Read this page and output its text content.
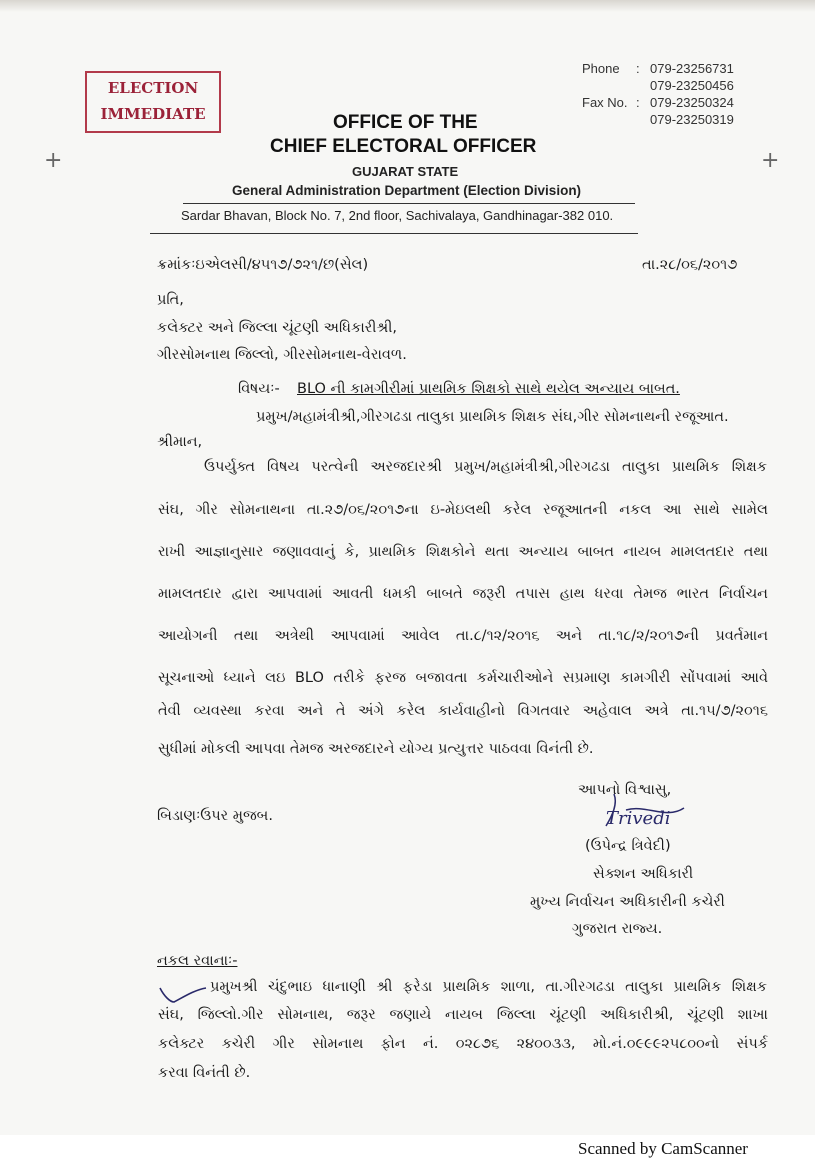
ELECTION
IMMEDIATE
Phone : 079-23256731
079-23250456
Fax No. : 079-23250324
079-23250319
OFFICE OF THE
CHIEF ELECTORAL OFFICER
GUJARAT STATE
General Administration Department (Election Division)
Sardar Bhavan, Block No. 7, 2nd floor, Sachivalaya, Gandhinagar-382 010.
+	+
ક્રમાંકઃઇએલસી/૪૫૧૭/૭૨૧/છ(સેલ)	તા.૨૮/૦૬/૨૦૧૭
પ્રતિ,
કલેક્ટર અને જિલ્લા ચૂંટણી અધિકારીશ્રી,
ગીરસોમનાથ જિલ્લો, ગીરસોમનાથ-વેરાવળ.
વિષયઃ- BLO ની કામગીરીમાં પ્રાથમિક શિક્ષકો સાથે થયેલ અન્યાય બાબત.
પ્રમુખ/મહામંત્રીશ્રી,ગીરગઢડા તાલુકા પ્રાથમિક શિક્ષક સંઘ,ગીર સોમનાથની રજૂઆત.
શ્રીમાન,
ઉપર્યુક્ત વિષય પરત્વેની અરજદારશ્રી પ્રમુખ/મહામંત્રીશ્રી,ગીરગઢડા તાલુકા પ્રાથમિક શિક્ષક
સંઘ, ગીર સોમનાથના તા.૨૭/૦૬/૨૦૧૭ના ઇ-મેઇલથી કરેલ રજૂઆતની નકલ આ સાથે સામેલ
રાખી આજ્ઞાનુસાર જણાવવાનું કે, પ્રાથમિક શિક્ષકોને થતા અન્યાય બાબત નાયબ મામલતદાર તથા
મામલતદાર દ્વારા આપવામાં આવતી ધમકી બાબતે જરૂરી તપાસ હાથ ધરવા તેમજ ભારત નિર્વાચન
આયોગની તથા અત્રેથી આપવામાં આવેલ તા.૮/૧૨/૨૦૧૬ અને તા.૧૮/૨/૨૦૧૭ની પ્રવર્તમાન
સૂચનાઓ ધ્યાને લઇ BLO તરીકે ફરજ બજાવતા કર્મચારીઓને સપ્રમાણ કામગીરી સોંપવામાં આવે
તેવી વ્યવસ્થા કરવા અને તે અંગે કરેલ કાર્યવાહીનો વિગતવાર અહેવાલ અત્રે તા.૧૫/૭/૨૦૧૬
સુધીમાં મોકલી આપવા તેમજ અરજદારને યોગ્ય પ્રત્યુત્તર પાઠવવા વિનંતી છે.
આપનો વિશ્વાસુ,
બિડાણઃઉપર મુજબ.	Trivedi
(ઉપેન્દ્ર ત્રિવેદી)
સેક્શન અધિકારી
મુખ્ય નિર્વાચન અધિકારીની કચેરી
ગુજરાત રાજ્ય.
નકલ રવાનાઃ-
પ્રમુખશ્રી ચંદુભાઇ ધાનાણી શ્રી ફરેડા પ્રાથમિક શાળા, તા.ગીરગઢડા તાલુકા પ્રાથમિક શિક્ષક
સંઘ, જિલ્લો.ગીર સોમનાથ, જરૂર જણાયે નાયબ જિલ્લા ચૂંટણી અધિકારીશ્રી, ચૂંટણી શાખા
કલેક્ટર કચેરી ગીર સોમનાથ ફોન નં. ૦૨૮૭૬ ૨૪૦૦૩૩, મો.નં.૦૯૯૯૨૫૮૦૦નો સંપર્ક
કરવા વિનંતી છે.
Scanned by CamScanner
